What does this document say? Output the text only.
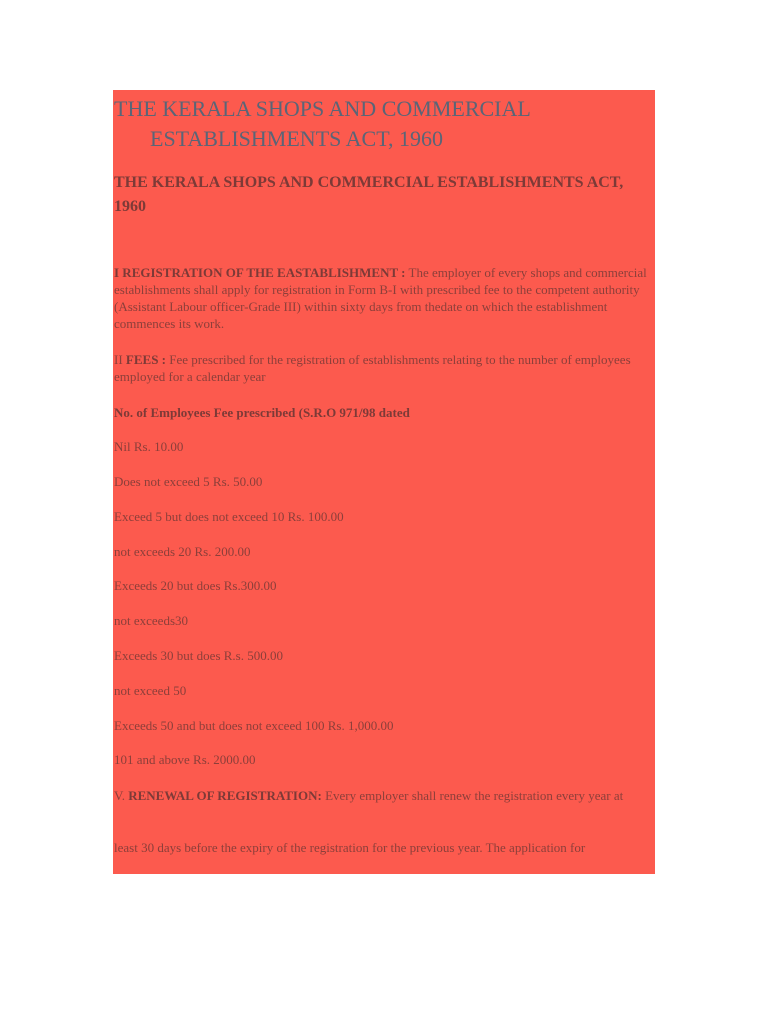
THE KERALA SHOPS AND COMMERCIAL
ESTABLISHMENTS ACT, 1960
THE KERALA SHOPS AND COMMERCIAL ESTABLISHMENTS ACT, 1960
I REGISTRATION OF THE EASTABLISHMENT : The employer of every shops and commercial establishments shall apply for registration in Form B-I with prescribed fee to the competent authority (Assistant Labour officer-Grade III) within sixty days from thedate on which the establishment commences its work.
II FEES : Fee prescribed for the registration of establishments relating to the number of employees employed for a calendar year
No. of Employees Fee prescribed (S.R.O 971/98 dated
Nil Rs. 10.00
Does not exceed 5 Rs. 50.00
Exceed 5 but does not exceed 10 Rs. 100.00
not exceeds 20 Rs. 200.00
Exceeds 20 but does Rs.300.00
not exceeds30
Exceeds 30 but does R.s. 500.00
not exceed 50
Exceeds 50 and but does not exceed 100 Rs. 1,000.00
101 and above Rs. 2000.00
V. RENEWAL OF REGISTRATION: Every employer shall renew the registration every year at
least 30 days before the expiry of the registration for the previous year. The application for
